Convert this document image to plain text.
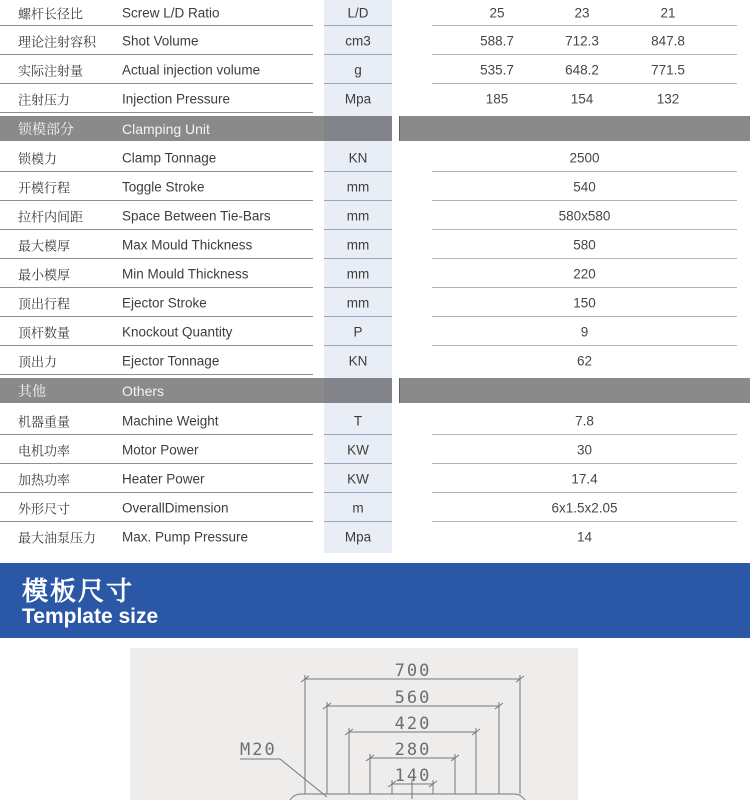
螺杆长径比	Screw L/D Ratio	L/D	25	23	21
理论注射容积 Shot Volume	cm3	588.7	712.3	847.8
实际注射量	Actual injection volume	g	535.7	648.2	771.5
注射压力	Injection Pressure	Mpa	185	154	132
锁模部分	Clamping Unit
锁模力	Clamp Tonnage	KN	2500
开模行程	Toggle Stroke	mm	540
拉杆内间距	Space Between Tie-Bars	mm	580x580
最大模厚	Max Mould Thickness	mm	580
最小模厚	Min Mould Thickness	mm	220
顶出行程	Ejector Stroke	mm	150
顶杆数量	Knockout Quantity	P	9
顶出力	Ejector Tonnage	KN	62
其他	Others
机器重量	Machine Weight	T	7.8
电机功率	Motor Power	KW	30
加热功率	Heater Power	KW	17.4
外形尺寸	OverallDimension	m	6x1.5x2.05
最大油泵压力 Max. Pump Pressure	Mpa	14
模板尺寸
Template size
700
560
420
280
140
M20
